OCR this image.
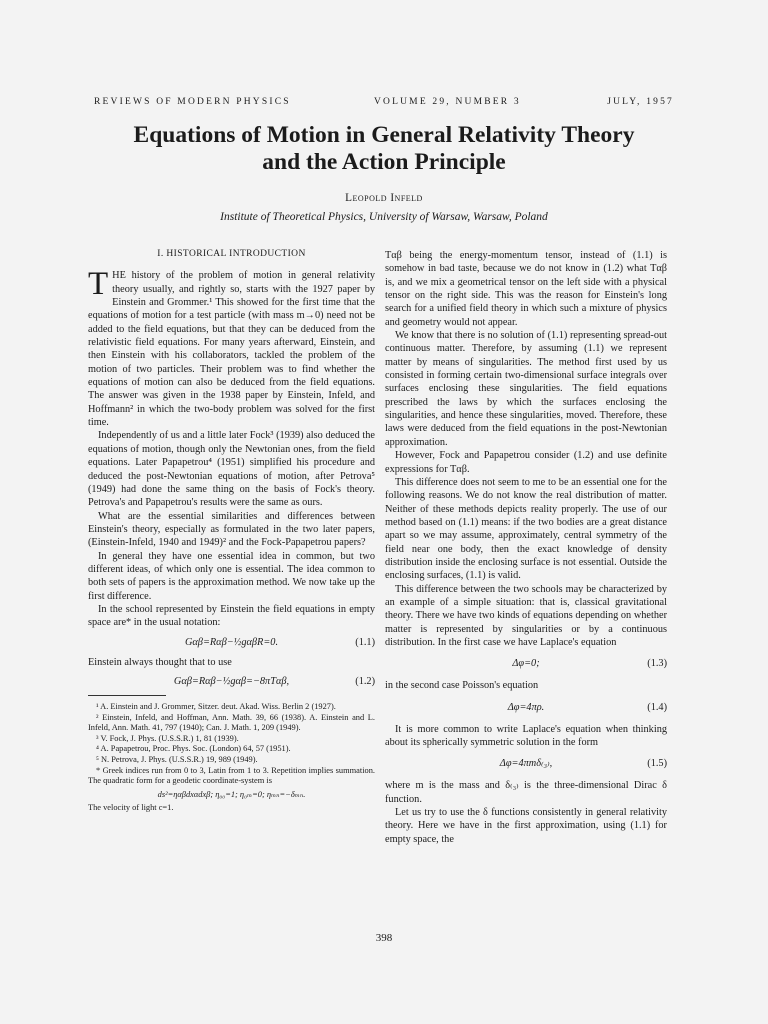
REVIEWS OF MODERN PHYSICS	VOLUME 29, NUMBER 3	JULY, 1957
Equations of Motion in General Relativity Theory
and the Action Principle
Leopold Infeld
Institute of Theoretical Physics, University of Warsaw, Warsaw, Poland
I. HISTORICAL INTRODUCTION

THE history of the problem of motion in general relativity theory usually, and rightly so, starts with the 1927 paper by Einstein and Grommer.¹ This showed for the first time that the equations of motion for a test particle (with mass m→0) need not be added to the field equations, but that they can be deduced from the relativistic field equations. For many years afterward, Einstein, and then Einstein with his collaborators, tackled the problem of the motion of two particles. Their problem was to find whether the equations of motion can also be deduced from the field equations. The answer was given in the 1938 paper by Einstein, Infeld, and Hoffmann² in which the two-body problem was solved for the first time.

Independently of us and a little later Fock³ (1939) also deduced the equations of motion, though only the Newtonian ones, from the field equations. Later Papapetrou⁴ (1951) simplified his procedure and deduced the post-Newtonian equations of motion, after Petrova⁵ (1949) had done the same thing on the basis of Fock's theory. Petrova's and Papapetrou's results were the same as ours.

What are the essential similarities and differences between Einstein's theory, especially as formulated in the two later papers, (Einstein-Infeld, 1940 and 1949)² and the Fock-Papapetrou papers?

In general they have one essential idea in common, but two different ideas, of which only one is essential. The idea common to both sets of papers is the approximation method. We now take up the first difference.

In the school represented by Einstein the field equations in empty space are* in the usual notation:

Gαβ=Rαβ−½gαβR=0.	(1.1)

Einstein always thought that to use

Gαβ=Rαβ−½gαβ=−8πTαβ,	(1.2)

¹ A. Einstein and J. Grommer, Sitzer. deut. Akad. Wiss. Berlin 2 (1927).

² Einstein, Infeld, and Hoffman, Ann. Math. 39, 66 (1938). A. Einstein and L. Infeld, Ann. Math. 41, 797 (1940); Can. J. Math. 1, 209 (1949).

³ V. Fock, J. Phys. (U.S.S.R.) 1, 81 (1939).

⁴ A. Papapetrou, Proc. Phys. Soc. (London) 64, 57 (1951).

⁵ N. Petrova, J. Phys. (U.S.S.R.) 19, 989 (1949).

* Greek indices run from 0 to 3, Latin from 1 to 3. Repetition implies summation. The quadratic form for a geodetic coordinate-system is

ds²=ηαβdxαdxβ; η₀₀=1; η₀ₘ=0; ηₘₙ=−δₘₙ.

The velocity of light c=1.

Tαβ being the energy-momentum tensor, instead of (1.1) is somehow in bad taste, because we do not know in (1.2) what Tαβ is, and we mix a geometrical tensor on the left side with a physical tensor on the right side. This was the reason for Einstein's long search for a unified field theory in which such a mixture of physics and geometry would not appear.

We know that there is no solution of (1.1) representing spread-out continuous matter. Therefore, by assuming (1.1) we represent matter by means of singularities. The method first used by us consisted in forming certain two-dimensional surface integrals over surfaces enclosing these singularities. The field equations prescribed the laws by which the surfaces enclosing the singularities, and hence these singularities, moved. Therefore, these laws were deduced from the field equations in the post-Newtonian approximation.

However, Fock and Papapetrou consider (1.2) and use definite expressions for Tαβ.

This difference does not seem to me to be an essential one for the following reasons. We do not know the real distribution of matter. Neither of these methods depicts reality properly. The use of our method based on (1.1) means: if the two bodies are a great distance apart so we may assume, approximately, central symmetry of the field near one body, then the exact knowledge of density distribution inside the enclosing surface is not essential. Outside the enclosing surfaces, (1.1) is valid.

This difference between the two schools may be characterized by an example of a simple situation: that is, classical gravitational theory. There we have two kinds of equations depending on whether matter is represented by singularities or by a continuous distribution. In the first case we have Laplace's equation

Δφ=0;	(1.3)

in the second case Poisson's equation

Δφ=4πρ.	(1.4)

It is more common to write Laplace's equation when thinking about its spherically symmetric solution in the form

Δφ=4πmδ₍₃₎,	(1.5)

where m is the mass and δ₍₃₎ is the three-dimensional Dirac δ function.

Let us try to use the δ functions consistently in general relativity theory. Here we have in the first approximation, using (1.1) for empty space, the

398
